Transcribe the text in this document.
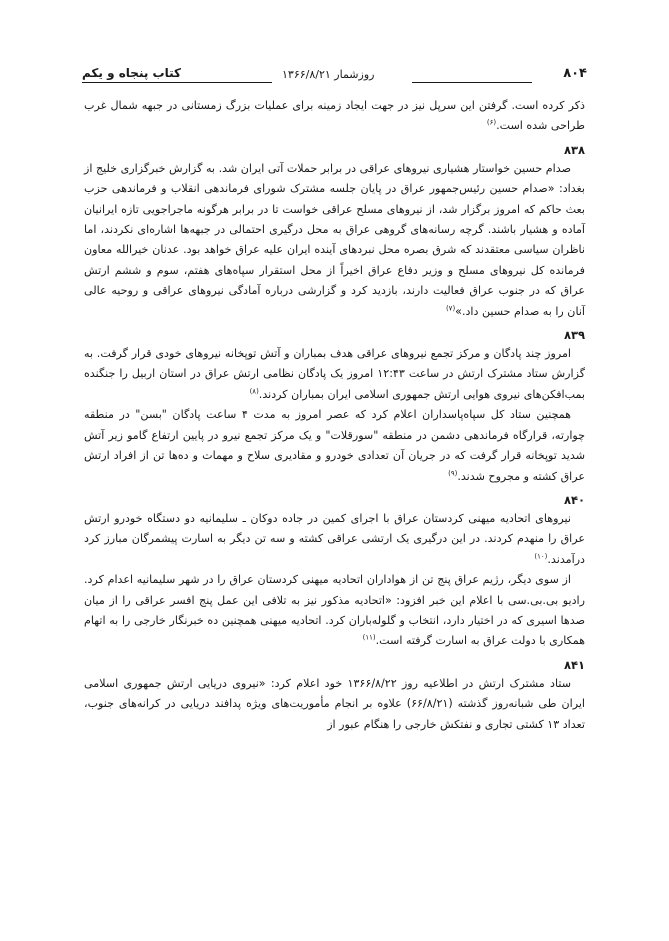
۸۰۴
روزشمار ۱۳۶۶/۸/۲۱
کتاب پنجاه و یکم

ذکر کرده است. گرفتن این سرپل نیز در جهت ایجاد زمینه برای عملیات بزرگ زمستانی در جبهه شمال غرب طراحی شده است.$^{(۶)}$

۸۳۸

صدام حسین خواستار هشیاری نیروهای عراقی در برابر حملات آتی ایران شد. به گزارش خبرگزاری خلیج از بغداد: «صدام حسین رئیس‌جمهور عراق در پایان جلسه مشترک شورای فرماندهی انقلاب و فرماندهی حزب بعث حاکم که امروز برگزار شد، از نیروهای مسلح عراقی خواست تا در برابر هرگونه ماجراجویی تازه ایرانیان آماده و هشیار باشند. گرچه رسانه‌های گروهی عراق به محل درگیری احتمالی در جبهه‌ها اشاره‌ای نکردند، اما ناظران سیاسی معتقدند که شرق بصره محل نبردهای آینده ایران علیه عراق خواهد بود. عدنان خیرالله معاون فرمانده کل نیروهای مسلح و وزیر دفاع عراق اخیراً از محل استقرار سپاه‌های هفتم، سوم و ششم ارتش عراق که در جنوب عراق فعالیت دارند، بازدید کرد و گزارشی درباره آمادگی نیروهای عراقی و روحیه عالی آنان را به صدام حسین داد.»$^{(۷)}$

۸۳۹

امروز چند پادگان و مرکز تجمع نیروهای عراقی هدف بمباران و آتش توپخانه نیروهای خودی قرار گرفت. به گزارش ستاد مشترک ارتش در ساعت ۱۲:۴۳ امروز یک پادگان نظامی ارتش عراق در استان اربیل را جنگنده بمب‌افکن‌های نیروی هوایی ارتش جمهوری اسلامی ایران بمباران کردند.$^{(۸)}$

همچنین ستاد کل سپاه‌پاسداران اعلام کرد که عصر امروز به مدت ۴ ساعت پادگان "بسن" در منطقه چوارته، قرارگاه فرماندهی دشمن در منطقه "سورقلات" و یک مرکز تجمع نیرو در پایین ارتفاع گامو زیر آتش شدید توپخانه قرار گرفت که در جریان آن تعدادی خودرو و مقادیری سلاح و مهمات و ده‌ها تن از افراد ارتش عراق کشته و مجروح شدند.$^{(۹)}$

۸۴۰

نیروهای اتحادیه میهنی کردستان عراق با اجرای کمین در جاده دوکان ـ سلیمانیه دو دستگاه خودرو ارتش عراق را منهدم کردند. در این درگیری یک ارتشی عراقی کشته و سه تن دیگر به اسارت پیشمرگان مبارز کرد درآمدند.$^{(۱۰)}$

از سوی دیگر، رژیم عراق پنج تن از هواداران اتحادیه میهنی کردستان عراق را در شهر سلیمانیه اعدام کرد. رادیو بی.بی.سی با اعلام این خبر افزود: «اتحادیه مذکور نیز به تلافی این عمل پنج افسر عراقی را از میان صدها اسیری که در اختیار دارد، انتخاب و گلوله‌باران کرد. اتحادیه میهنی همچنین ده خبرنگار خارجی را به اتهام همکاری با دولت عراق به اسارت گرفته است.$^{(۱۱)}$

۸۴۱

ستاد مشترک ارتش در اطلاعیه روز ۱۳۶۶/۸/۲۲ خود اعلام کرد: «نیروی دریایی ارتش جمهوری اسلامی ایران طی شبانه‌روز گذشته (۶۶/۸/۲۱) علاوه بر انجام مأموریت‌های ویژه پدافند دریایی در کرانه‌های جنوب، تعداد ۱۳ کشتی تجاری و نفتکش خارجی را هنگام عبور از
